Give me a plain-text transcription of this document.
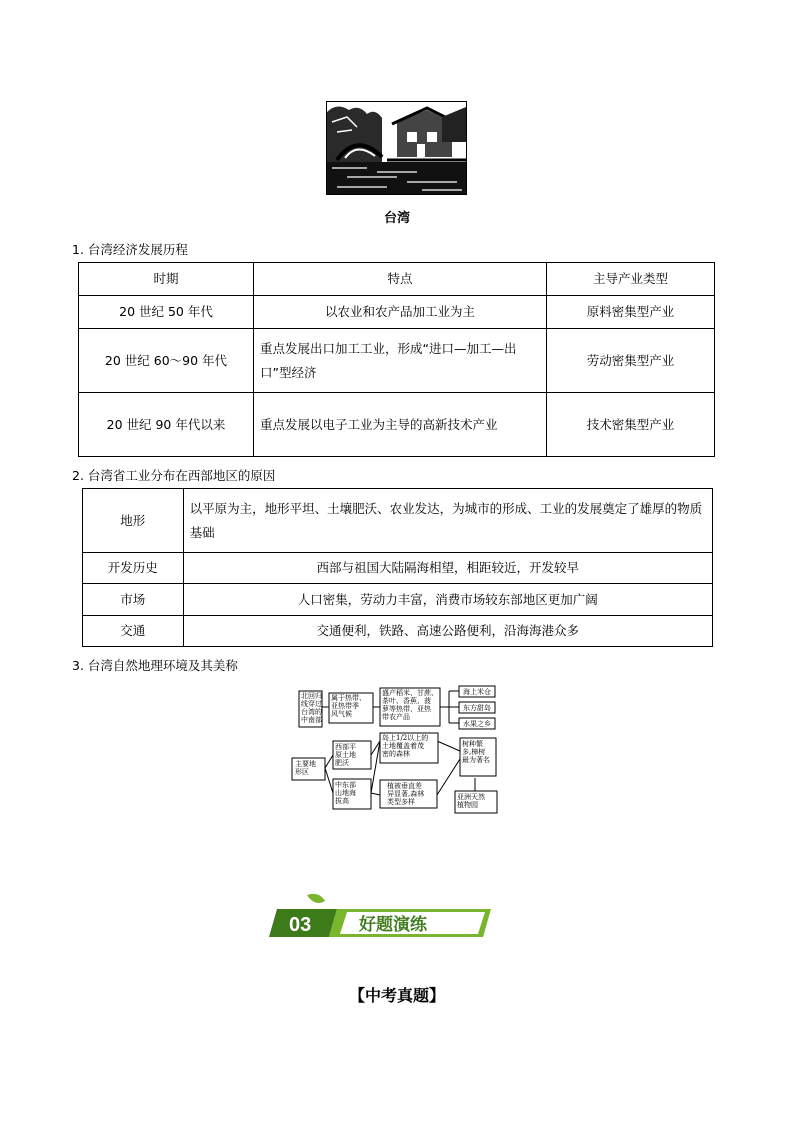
台湾
1. 台湾经济发展历程
时期	特点	主导产业类型
20 世纪 50 年代	以农业和农产品加工业为主	原料密集型产业
20 世纪 60～90 年代	重点发展出口加工工业，形成“进口—加工—出口”型经济	劳动密集型产业
20 世纪 90 年代以来	重点发展以电子工业为主导的高新技术产业	技术密集型产业
2. 台湾省工业分布在西部地区的原因
地形	以平原为主，地形平坦、土壤肥沃、农业发达，为城市的形成、工业的发展奠定了雄厚的物质基础
开发历史	西部与祖国大陆隔海相望，相距较近，开发较早
市场	人口密集，劳动力丰富，消费市场较东部地区更加广阔
交通	交通便利，铁路、高速公路便利，沿海海港众多
3. 台湾自然地理环境及其美称
北回归线穿过台湾的中南部
属于热带、亚热带季风气候
盛产稻米、甘蔗、茶叶、香蕉、菠萝等热带、亚热带农产品
海上米仓
东方甜岛
水果之乡
西部平原土地肥沃
岛上1/2以上的土地覆盖着茂密的森林
主要地形区
树种繁多,樟树最为著名
中东部山地海拔高
植被垂直差异显著,森林类型多样
亚洲天然植物园
03	好题演练
【中考真题】
